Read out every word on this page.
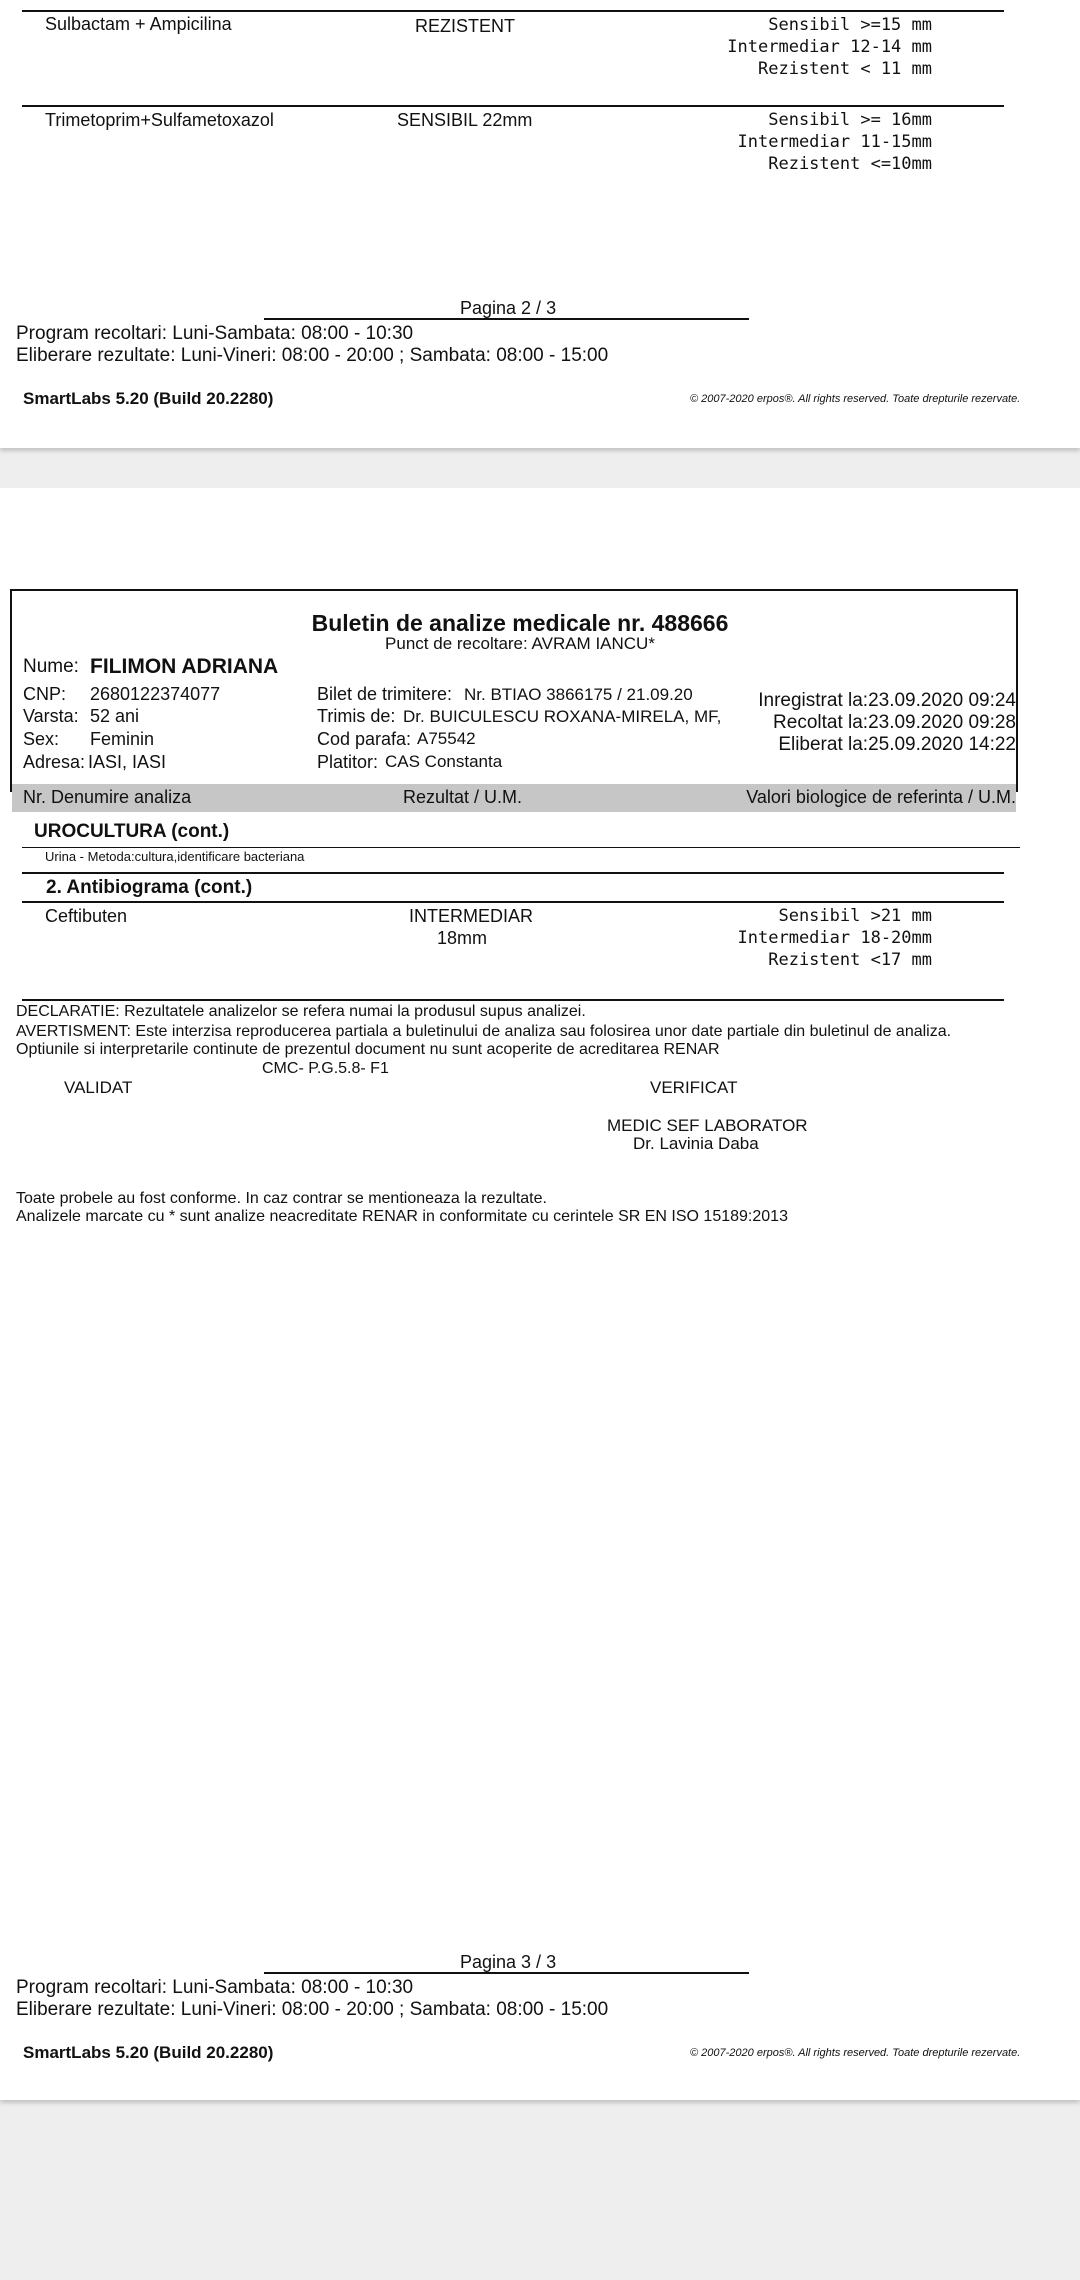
Sulbactam + Ampicilina	REZISTENT	Sensibil >=15 mm
Intermediar 12-14 mm
Rezistent < 11 mm
Trimetoprim+Sulfametoxazol	SENSIBIL 22mm	Sensibil >= 16mm
Intermediar 11-15mm
Rezistent <=10mm
Pagina 2 / 3
Program recoltari: Luni-Sambata: 08:00 - 10:30
Eliberare rezultate: Luni-Vineri: 08:00 - 20:00 ; Sambata: 08:00 - 15:00
SmartLabs 5.20 (Build 20.2280)	© 2007-2020 erpos®. All rights reserved. Toate drepturile rezervate.
Buletin de analize medicale nr. 488666
Punct de recoltare: AVRAM IANCU*
Nume: FILIMON ADRIANA
CNP: 2680122374077
Varsta: 52 ani
Sex: Feminin
Adresa: IASI, IASI
Bilet de trimitere: Nr. BTIAO 3866175 / 21.09.20
Trimis de: Dr. BUICULESCU ROXANA-MIRELA, MF,
Cod parafa: A75542
Platitor: CAS Constanta
Inregistrat la:23.09.2020 09:24
Recoltat la:23.09.2020 09:28
Eliberat la:25.09.2020 14:22
Nr. Denumire analiza	Rezultat / U.M.	Valori biologice de referinta / U.M.
UROCULTURA (cont.)
Urina - Metoda:cultura,identificare bacteriana
2. Antibiograma (cont.)
Ceftibuten	INTERMEDIAR
18mm
Sensibil >21 mm
Intermediar 18-20mm
Rezistent <17 mm
DECLARATIE: Rezultatele analizelor se refera numai la produsul supus analizei.
AVERTISMENT: Este interzisa reproducerea partiala a buletinului de analiza sau folosirea unor date partiale din buletinul de analiza.
Optiunile si interpretarile continute de prezentul document nu sunt acoperite de acreditarea RENAR
CMC- P.G.5.8- F1
VALIDAT	VERIFICAT
MEDIC SEF LABORATOR
Dr. Lavinia Daba
Toate probele au fost conforme. In caz contrar se mentioneaza la rezultate.
Analizele marcate cu * sunt analize neacreditate RENAR in conformitate cu cerintele SR EN ISO 15189:2013
Pagina 3 / 3
Program recoltari: Luni-Sambata: 08:00 - 10:30
Eliberare rezultate: Luni-Vineri: 08:00 - 20:00 ; Sambata: 08:00 - 15:00
SmartLabs 5.20 (Build 20.2280)	© 2007-2020 erpos®. All rights reserved. Toate drepturile rezervate.
